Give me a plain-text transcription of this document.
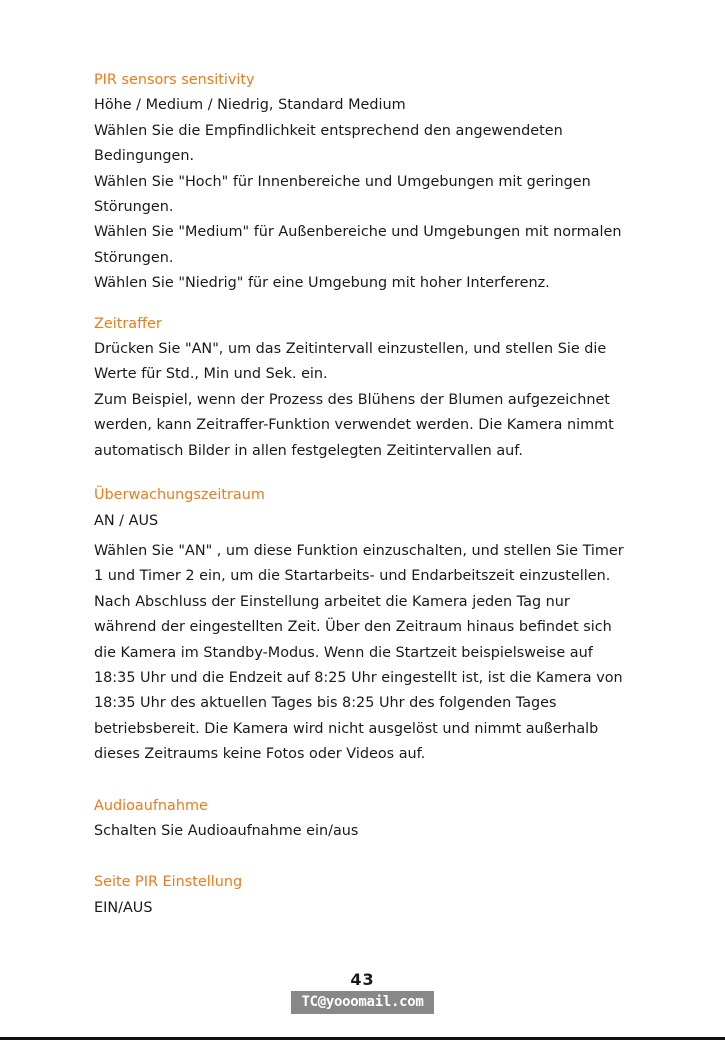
PIR sensors sensitivity

Höhe / Medium / Niedrig, Standard Medium

Wählen Sie die Empfindlichkeit entsprechend den angewendeten

Bedingungen.

Wählen Sie "Hoch" für Innenbereiche und Umgebungen mit geringen

Störungen.

Wählen Sie "Medium" für Außenbereiche und Umgebungen mit normalen

Störungen.

Wählen Sie "Niedrig" für eine Umgebung mit hoher Interferenz.

Zeitraffer

Drücken Sie "AN", um das Zeitintervall einzustellen, und stellen Sie die

Werte für Std., Min und Sek. ein.

Zum Beispiel, wenn der Prozess des Blühens der Blumen aufgezeichnet

werden, kann Zeitraffer-Funktion verwendet werden. Die Kamera nimmt

automatisch Bilder in allen festgelegten Zeitintervallen auf.

Überwachungszeitraum

AN / AUS

Wählen Sie "AN" , um diese Funktion einzuschalten, und stellen Sie Timer

1 und Timer 2 ein, um die Startarbeits- und Endarbeitszeit einzustellen.

Nach Abschluss der Einstellung arbeitet die Kamera jeden Tag nur

während der eingestellten Zeit. Über den Zeitraum hinaus befindet sich

die Kamera im Standby-Modus. Wenn die Startzeit beispielsweise auf

18:35 Uhr und die Endzeit auf 8:25 Uhr eingestellt ist, ist die Kamera von

18:35 Uhr des aktuellen Tages bis 8:25 Uhr des folgenden Tages

betriebsbereit. Die Kamera wird nicht ausgelöst und nimmt außerhalb

dieses Zeitraums keine Fotos oder Videos auf.

Audioaufnahme

Schalten Sie Audioaufnahme ein/aus

Seite PIR Einstellung

EIN/AUS

43
TC@yooomail.com
